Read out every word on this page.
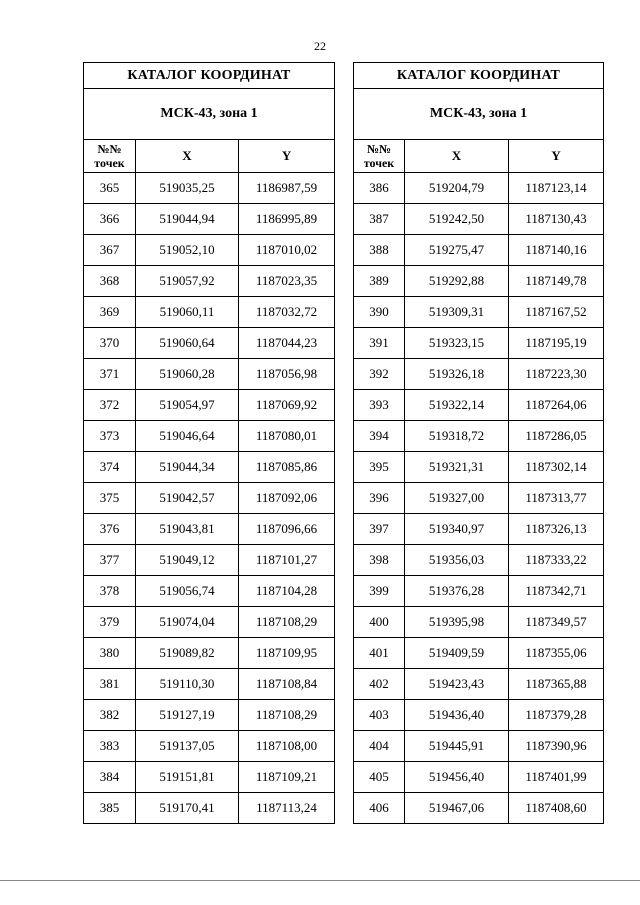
22
КАТАЛОГ КООРДИНАТ		
МСК-43, зона 1		
№№
точек	X	Y
365	519035,25	1186987,59
366	519044,94	1186995,89
367	519052,10	1187010,02
368	519057,92	1187023,35
369	519060,11	1187032,72
370	519060,64	1187044,23
371	519060,28	1187056,98
372	519054,97	1187069,92
373	519046,64	1187080,01
374	519044,34	1187085,86
375	519042,57	1187092,06
376	519043,81	1187096,66
377	519049,12	1187101,27
378	519056,74	1187104,28
379	519074,04	1187108,29
380	519089,82	1187109,95
381	519110,30	1187108,84
382	519127,19	1187108,29
383	519137,05	1187108,00
384	519151,81	1187109,21
385	519170,41	1187113,24
КАТАЛОГ КООРДИНАТ		
МСК-43, зона 1		
№№
точек	X	Y
386	519204,79	1187123,14
387	519242,50	1187130,43
388	519275,47	1187140,16
389	519292,88	1187149,78
390	519309,31	1187167,52
391	519323,15	1187195,19
392	519326,18	1187223,30
393	519322,14	1187264,06
394	519318,72	1187286,05
395	519321,31	1187302,14
396	519327,00	1187313,77
397	519340,97	1187326,13
398	519356,03	1187333,22
399	519376,28	1187342,71
400	519395,98	1187349,57
401	519409,59	1187355,06
402	519423,43	1187365,88
403	519436,40	1187379,28
404	519445,91	1187390,96
405	519456,40	1187401,99
406	519467,06	1187408,60
